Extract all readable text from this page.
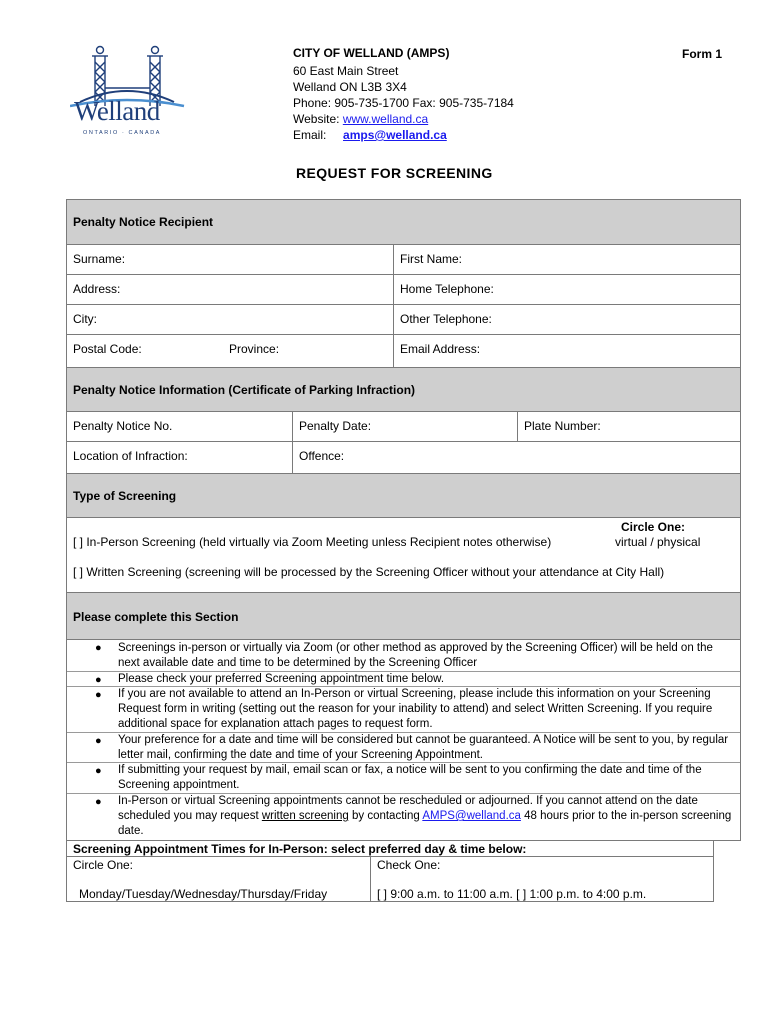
Welland
ONTARIO · CANADA
CITY OF WELLAND (AMPS)
60 East Main Street
Welland ON L3B 3X4
Phone: 905-735-1700 Fax: 905-735-7184
Website: www.welland.ca
Email: amps@welland.ca
Form 1
REQUEST FOR SCREENING
Penalty Notice Recipient
Surname:	First Name:
Address:	Home Telephone:
City:	Other Telephone:
Postal Code:	Province:	Email Address:
Penalty Notice Information (Certificate of Parking Infraction)
Penalty Notice No.	Penalty Date:	Plate Number:
Location of Infraction:	Offence:
Type of Screening
Circle One:
[ ] In-Person Screening (held virtually via Zoom Meeting unless Recipient notes otherwise)	virtual / physical
[ ] Written Screening (screening will be processed by the Screening Officer without your attendance at City Hall)
Please complete this Section
● Screenings in-person or virtually via Zoom (or other method as approved by the Screening Officer) will be held on the next available date and time to be determined by the Screening Officer
● Please check your preferred Screening appointment time below.
● If you are not available to attend an In-Person or virtual Screening, please include this information on your Screening Request form in writing (setting out the reason for your inability to attend) and select Written Screening. If you require additional space for explanation attach pages to request form.
● Your preference for a date and time will be considered but cannot be guaranteed. A Notice will be sent to you, by regular letter mail, confirming the date and time of your Screening Appointment.
● If submitting your request by mail, email scan or fax, a notice will be sent to you confirming the date and time of the Screening appointment.
● In-Person or virtual Screening appointments cannot be rescheduled or adjourned. If you cannot attend on the date scheduled you may request written screening by contacting AMPS@welland.ca 48 hours prior to the in-person screening date.
Screening Appointment Times for In-Person: select preferred day & time below:
Circle One:	Check One:
Monday/Tuesday/Wednesday/Thursday/Friday	[ ] 9:00 a.m. to 11:00 a.m. [ ] 1:00 p.m. to 4:00 p.m.
